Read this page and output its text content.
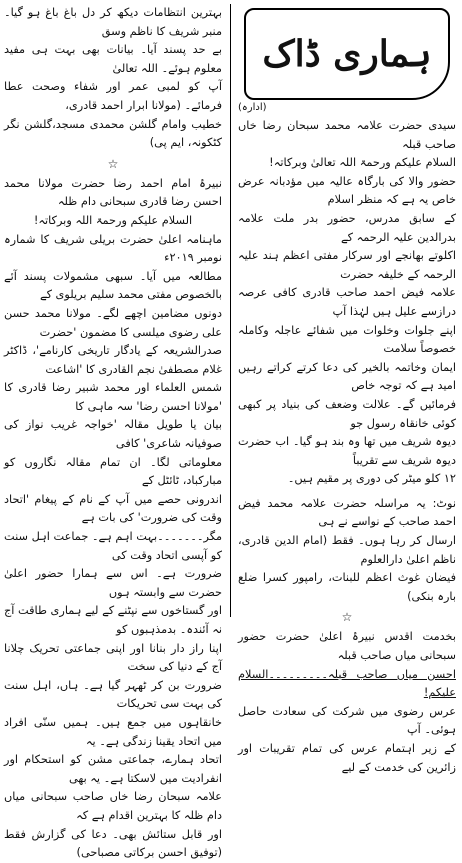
ہماری ڈاک
(ادارہ)

سیدی حضرت علامہ محمد سبحان رضا خاں صاحب قبلہ

السلام علیکم ورحمۃ اللہ تعالیٰ وبرکاتہ!

حضور والا کی بارگاہ عالیہ میں مؤدبانہ عرض خاص یہ ہے کہ منظر اسلام

کے سابق مدرس، حضور بدر ملت علامہ بدرالدین علیہ الرحمہ کے

اکلوتے بھانجے اور سرکار مفتی اعظم ہند علیہ الرحمہ کے خلیفہ حضرت

علامہ فیض احمد صاحب قادری کافی عرصہ درازسے علیل ہیں لہٰذا آپ

اپنے جلوات وخلوات میں شفائے عاجلہ وکاملہ خصوصاً سلامت

ایمان وخاتمہ بالخیر کی دعا کرتے کراتے رہیں امید ہے کہ توجہ خاص

فرمائیں گے۔ علالت وضعف کی بنیاد پر کبھی کوئی خانقاہ رسول جو

دیوہ شریف میں تھا وہ بند ہو گیا۔ اب حضرت دیوہ شریف سے تقریباً

۱۲ کلو میٹر کی دوری پر مقیم ہیں۔

نوٹ: یہ مراسلہ حضرت علامہ محمد فیض احمد صاحب کے نواسے نے ہی

ارسال کر رہا ہوں۔ فقط (امام الدین قادری، ناظم اعلیٰ دارالعلوم

فیضان غوث اعظم للبنات، رامپور کسرا ضلع بارہ بنکی)

☆

بخدمت اقدس نبیرۂ اعلیٰ حضرت حضور سبحانی میاں صاحب قبلہ

احسن میاں صاحب قبلہ۔۔۔۔۔۔۔۔۔السلام علیکم!

عرس رضوی میں شرکت کی سعادت حاصل ہوئی۔ آپ

کے زیر اہتمام عرس کی تمام تقریبات اور زائرین کی خدمت کے لیے

بہترین انتظامات دیکھ کر دل باغ باغ ہو گیا۔ منبر شریف کا ناظم وسق

بے حد پسند آیا۔ بیانات بھی بہت ہی مفید معلوم ہوئے۔ اللہ تعالیٰ

آپ کو لمبی عمر اور شفاء وصحت عطا فرمائے۔ (مولانا ابرار احمد قادری،

خطیب وامام گلشن محمدی مسجد،گلشن نگر کٹکونہ، ایم پی)

☆

نبیرۂ امام احمد رضا حضرت مولانا محمد احسن رضا قادری سبحانی دام ظلہ

السلام علیکم ورحمۃ اللہ وبرکاتہ!

ماہنامہ اعلیٰ حضرت بریلی شریف کا شمارہ نومبر ۲۰۱۹ء

مطالعہ میں آیا۔ سبھی مشمولات پسند آئے بالخصوص مفتی محمد سلیم بریلوی کے

دونوں مضامین اچھے لگے۔ مولانا محمد حسن علی رضوی میلسی کا مضمون 'حضرت

صدرالشریعہ کے یادگار تاریخی کارنامے'، ڈاکٹر غلام مصطفیٰ نجم القادری کا 'اشاعت

شمس العلماء اور محمد شبیر رضا قادری کا 'مولانا احسن رضا' سہ ماہی کا

بیان یا طویل مقالہ 'خواجہ غریب نواز کی صوفیانہ شاعری' کافی

معلوماتی لگا۔ ان تمام مقالہ نگاروں کو مبارکباد، ٹائٹل کے

اندرونی حصے میں آپ کے نام کے پیغام 'اتحاد وقت کی ضرورت' کی بات ہے

مگر۔۔۔۔۔۔۔بہت اہم ہے۔ جماعت اہل سنت کو آپسی اتحاد وقت کی

ضرورت ہے۔ اس سے ہمارا حضور اعلیٰ حضرت سے وابستہ ہوں

اور گستاخوں سے نپٹنے کے لیے ہماری طاقت آج نہ آئندہ۔ بدمذہبوں کو

اپنا راز دار بنانا اور اپنی جماعتی تحریک چلانا آج کے دنیا کی سخت

ضرورت بن کر ٹھہر گیا ہے۔ ہاں، اہل سنت کی بہت سی تحریکات

خانقاہوں میں جمع ہیں۔ ہمیں سنّی افراد میں اتحاد یقینا زندگی ہے۔ یہ

اتحاد ہمارے، جماعتی مشن کو استحکام اور انفرادیت میں لاسکتا ہے۔ یہ بھی

علامہ سبحان رضا خاں صاحب سبحانی میاں دام ظلہ کا بہترین اقدام ہے کہ

اور قابل ستائش بھی۔ دعا کی گزارش فقط (توفیق احسن برکاتی مصباحی)
